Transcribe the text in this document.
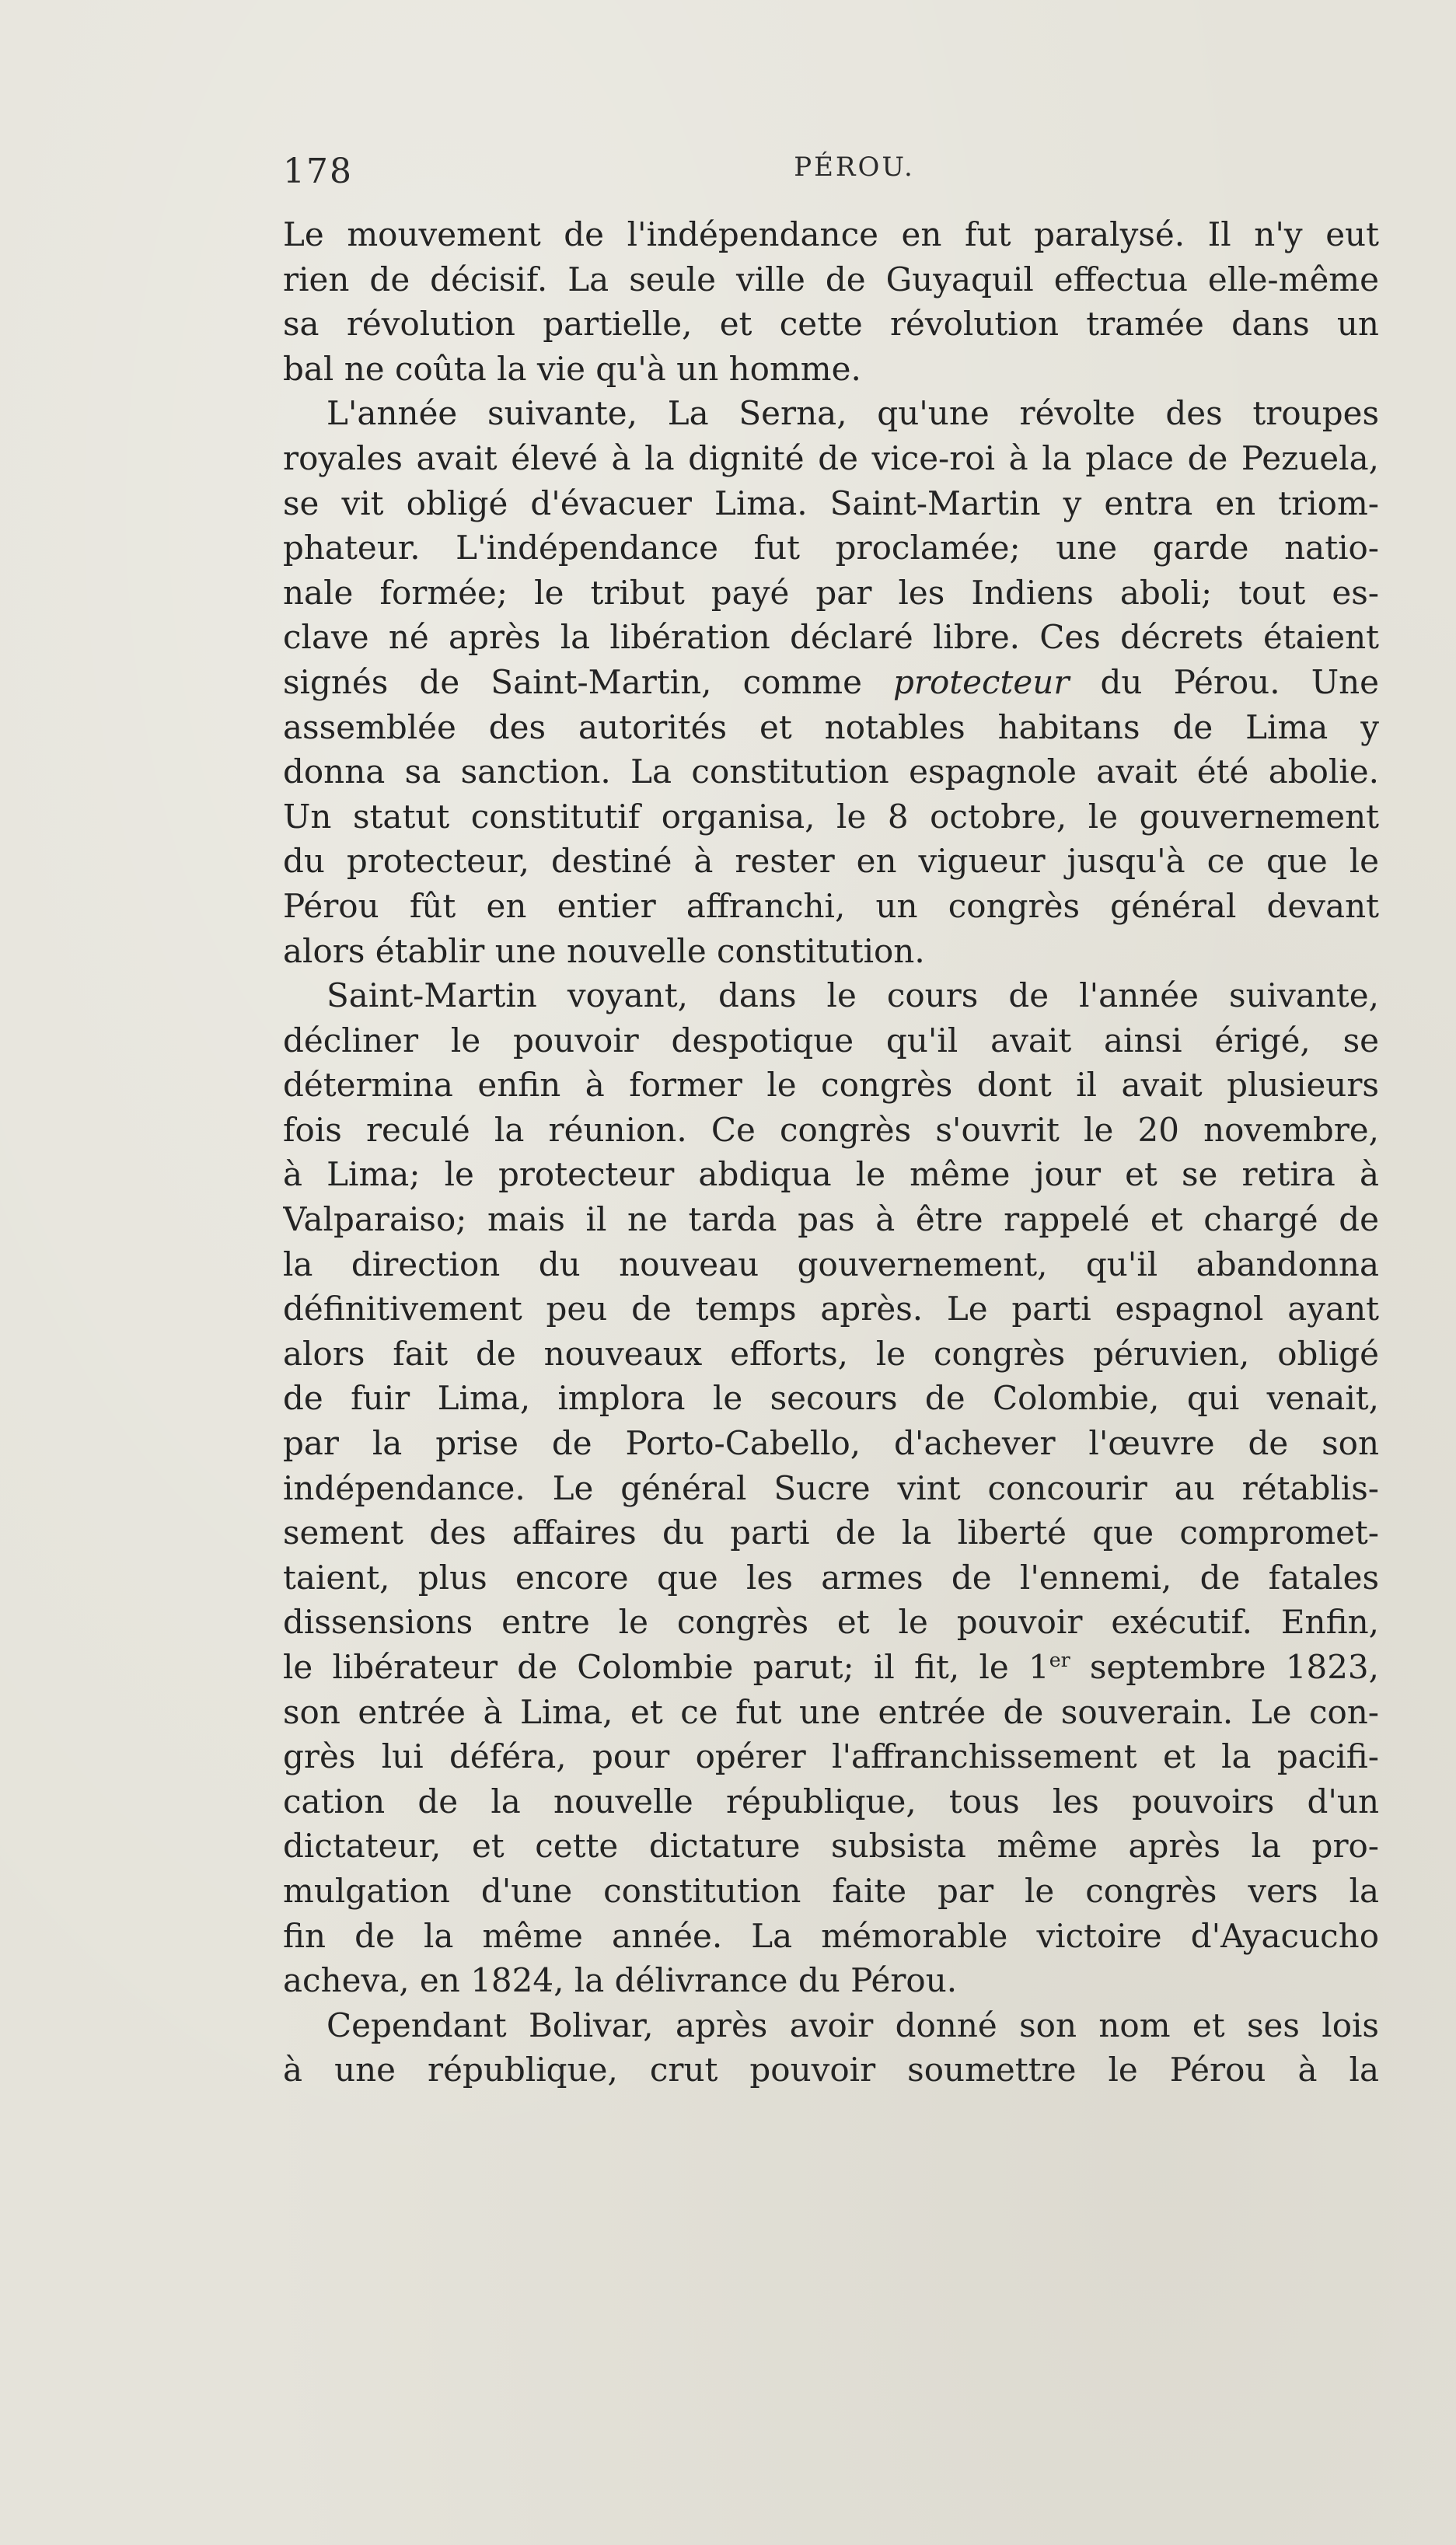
178	PÉROU.
Le mouvement de l'indépendance en fut paralysé. Il n'y eut
rien de décisif. La seule ville de Guyaquil effectua elle-même
sa révolution partielle, et cette révolution tramée dans un
bal ne coûta la vie qu'à un homme.
L'année suivante, La Serna, qu'une révolte des troupes
royales avait élevé à la dignité de vice-roi à la place de Pezuela,
se vit obligé d'évacuer Lima. Saint-Martin y entra en triom-
phateur. L'indépendance fut proclamée; une garde natio-
nale formée; le tribut payé par les Indiens aboli; tout es-
clave né après la libération déclaré libre. Ces décrets étaient
signés de Saint-Martin, comme protecteur du Pérou. Une
assemblée des autorités et notables habitans de Lima y
donna sa sanction. La constitution espagnole avait été abolie.
Un statut constitutif organisa, le 8 octobre, le gouvernement
du protecteur, destiné à rester en vigueur jusqu'à ce que le
Pérou fût en entier affranchi, un congrès général devant
alors établir une nouvelle constitution.
Saint-Martin voyant, dans le cours de l'année suivante,
décliner le pouvoir despotique qu'il avait ainsi érigé, se
détermina enfin à former le congrès dont il avait plusieurs
fois reculé la réunion. Ce congrès s'ouvrit le 20 novembre,
à Lima; le protecteur abdiqua le même jour et se retira à
Valparaiso; mais il ne tarda pas à être rappelé et chargé de
la direction du nouveau gouvernement, qu'il abandonna
définitivement peu de temps après. Le parti espagnol ayant
alors fait de nouveaux efforts, le congrès péruvien, obligé
de fuir Lima, implora le secours de Colombie, qui venait,
par la prise de Porto-Cabello, d'achever l'œuvre de son
indépendance. Le général Sucre vint concourir au rétablis-
sement des affaires du parti de la liberté que compromet-
taient, plus encore que les armes de l'ennemi, de fatales
dissensions entre le congrès et le pouvoir exécutif. Enfin,
le libérateur de Colombie parut; il fit, le 1er septembre 1823,
son entrée à Lima, et ce fut une entrée de souverain. Le con-
grès lui déféra, pour opérer l'affranchissement et la pacifi-
cation de la nouvelle république, tous les pouvoirs d'un
dictateur, et cette dictature subsista même après la pro-
mulgation d'une constitution faite par le congrès vers la
fin de la même année. La mémorable victoire d'Ayacucho
acheva, en 1824, la délivrance du Pérou.
Cependant Bolivar, après avoir donné son nom et ses lois
à une république, crut pouvoir soumettre le Pérou à la
